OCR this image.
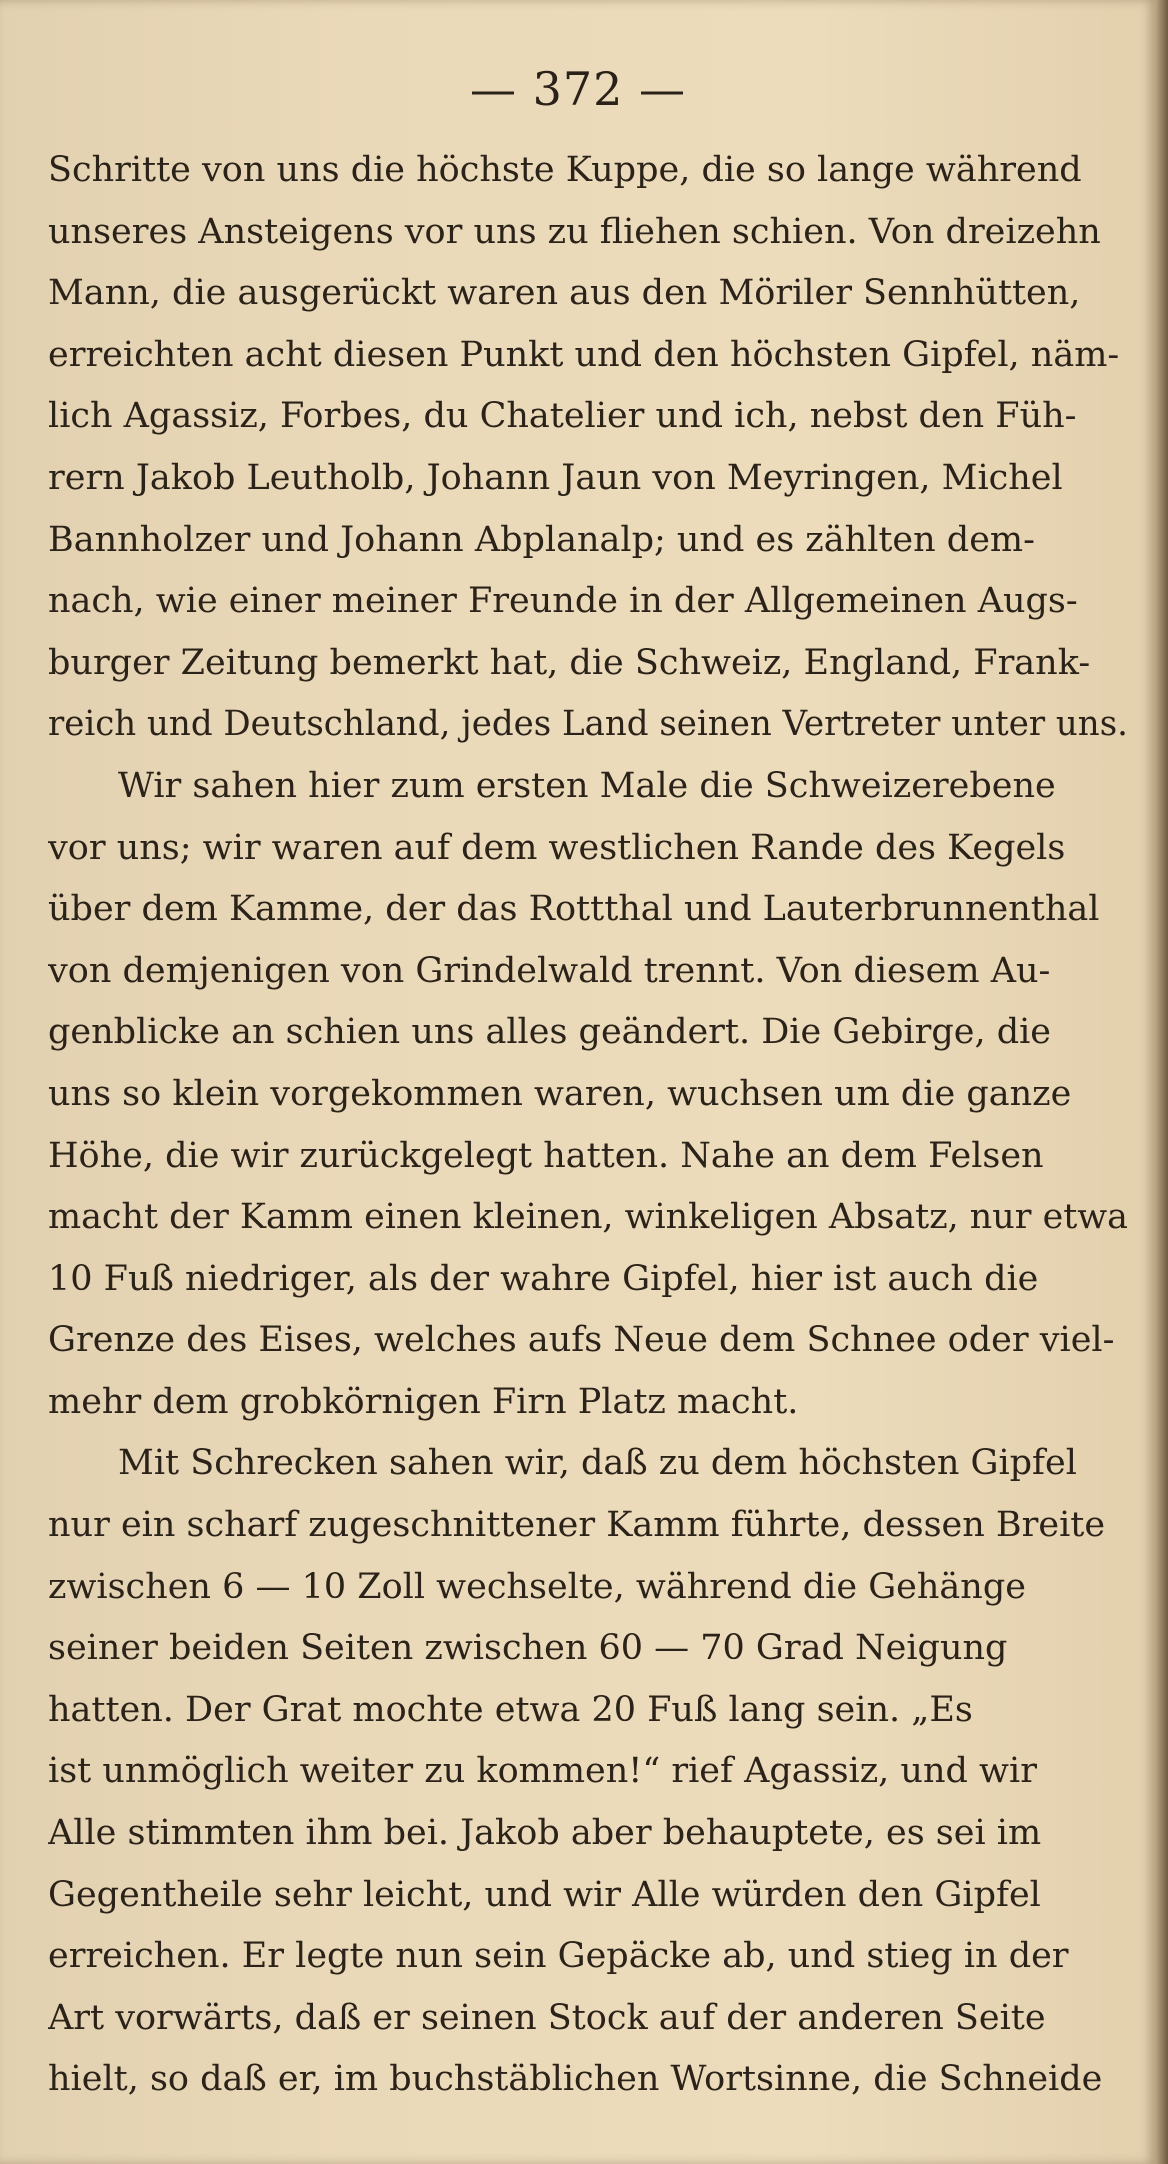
— 372 —
Schritte von uns die höchste Kuppe, die so lange während
unseres Ansteigens vor uns zu fliehen schien. Von dreizehn
Mann, die ausgerückt waren aus den Möriler Sennhütten,
erreichten acht diesen Punkt und den höchsten Gipfel, näm-
lich Agassiz, Forbes, du Chatelier und ich, nebst den Füh-
rern Jakob Leutholb, Johann Jaun von Meyringen, Michel
Bannholzer und Johann Abplanalp; und es zählten dem-
nach, wie einer meiner Freunde in der Allgemeinen Augs-
burger Zeitung bemerkt hat, die Schweiz, England, Frank-
reich und Deutschland, jedes Land seinen Vertreter unter uns.
Wir sahen hier zum ersten Male die Schweizerebene
vor uns; wir waren auf dem westlichen Rande des Kegels
über dem Kamme, der das Rottthal und Lauterbrunnenthal
von demjenigen von Grindelwald trennt. Von diesem Au-
genblicke an schien uns alles geändert. Die Gebirge, die
uns so klein vorgekommen waren, wuchsen um die ganze
Höhe, die wir zurückgelegt hatten. Nahe an dem Felsen
macht der Kamm einen kleinen, winkeligen Absatz, nur etwa
10 Fuß niedriger, als der wahre Gipfel, hier ist auch die
Grenze des Eises, welches aufs Neue dem Schnee oder viel-
mehr dem grobkörnigen Firn Platz macht.
Mit Schrecken sahen wir, daß zu dem höchsten Gipfel
nur ein scharf zugeschnittener Kamm führte, dessen Breite
zwischen 6 — 10 Zoll wechselte, während die Gehänge
seiner beiden Seiten zwischen 60 — 70 Grad Neigung
hatten. Der Grat mochte etwa 20 Fuß lang sein. „Es
ist unmöglich weiter zu kommen!“ rief Agassiz, und wir
Alle stimmten ihm bei. Jakob aber behauptete, es sei im
Gegentheile sehr leicht, und wir Alle würden den Gipfel
erreichen. Er legte nun sein Gepäcke ab, und stieg in der
Art vorwärts, daß er seinen Stock auf der anderen Seite
hielt, so daß er, im buchstäblichen Wortsinne, die Schneide
